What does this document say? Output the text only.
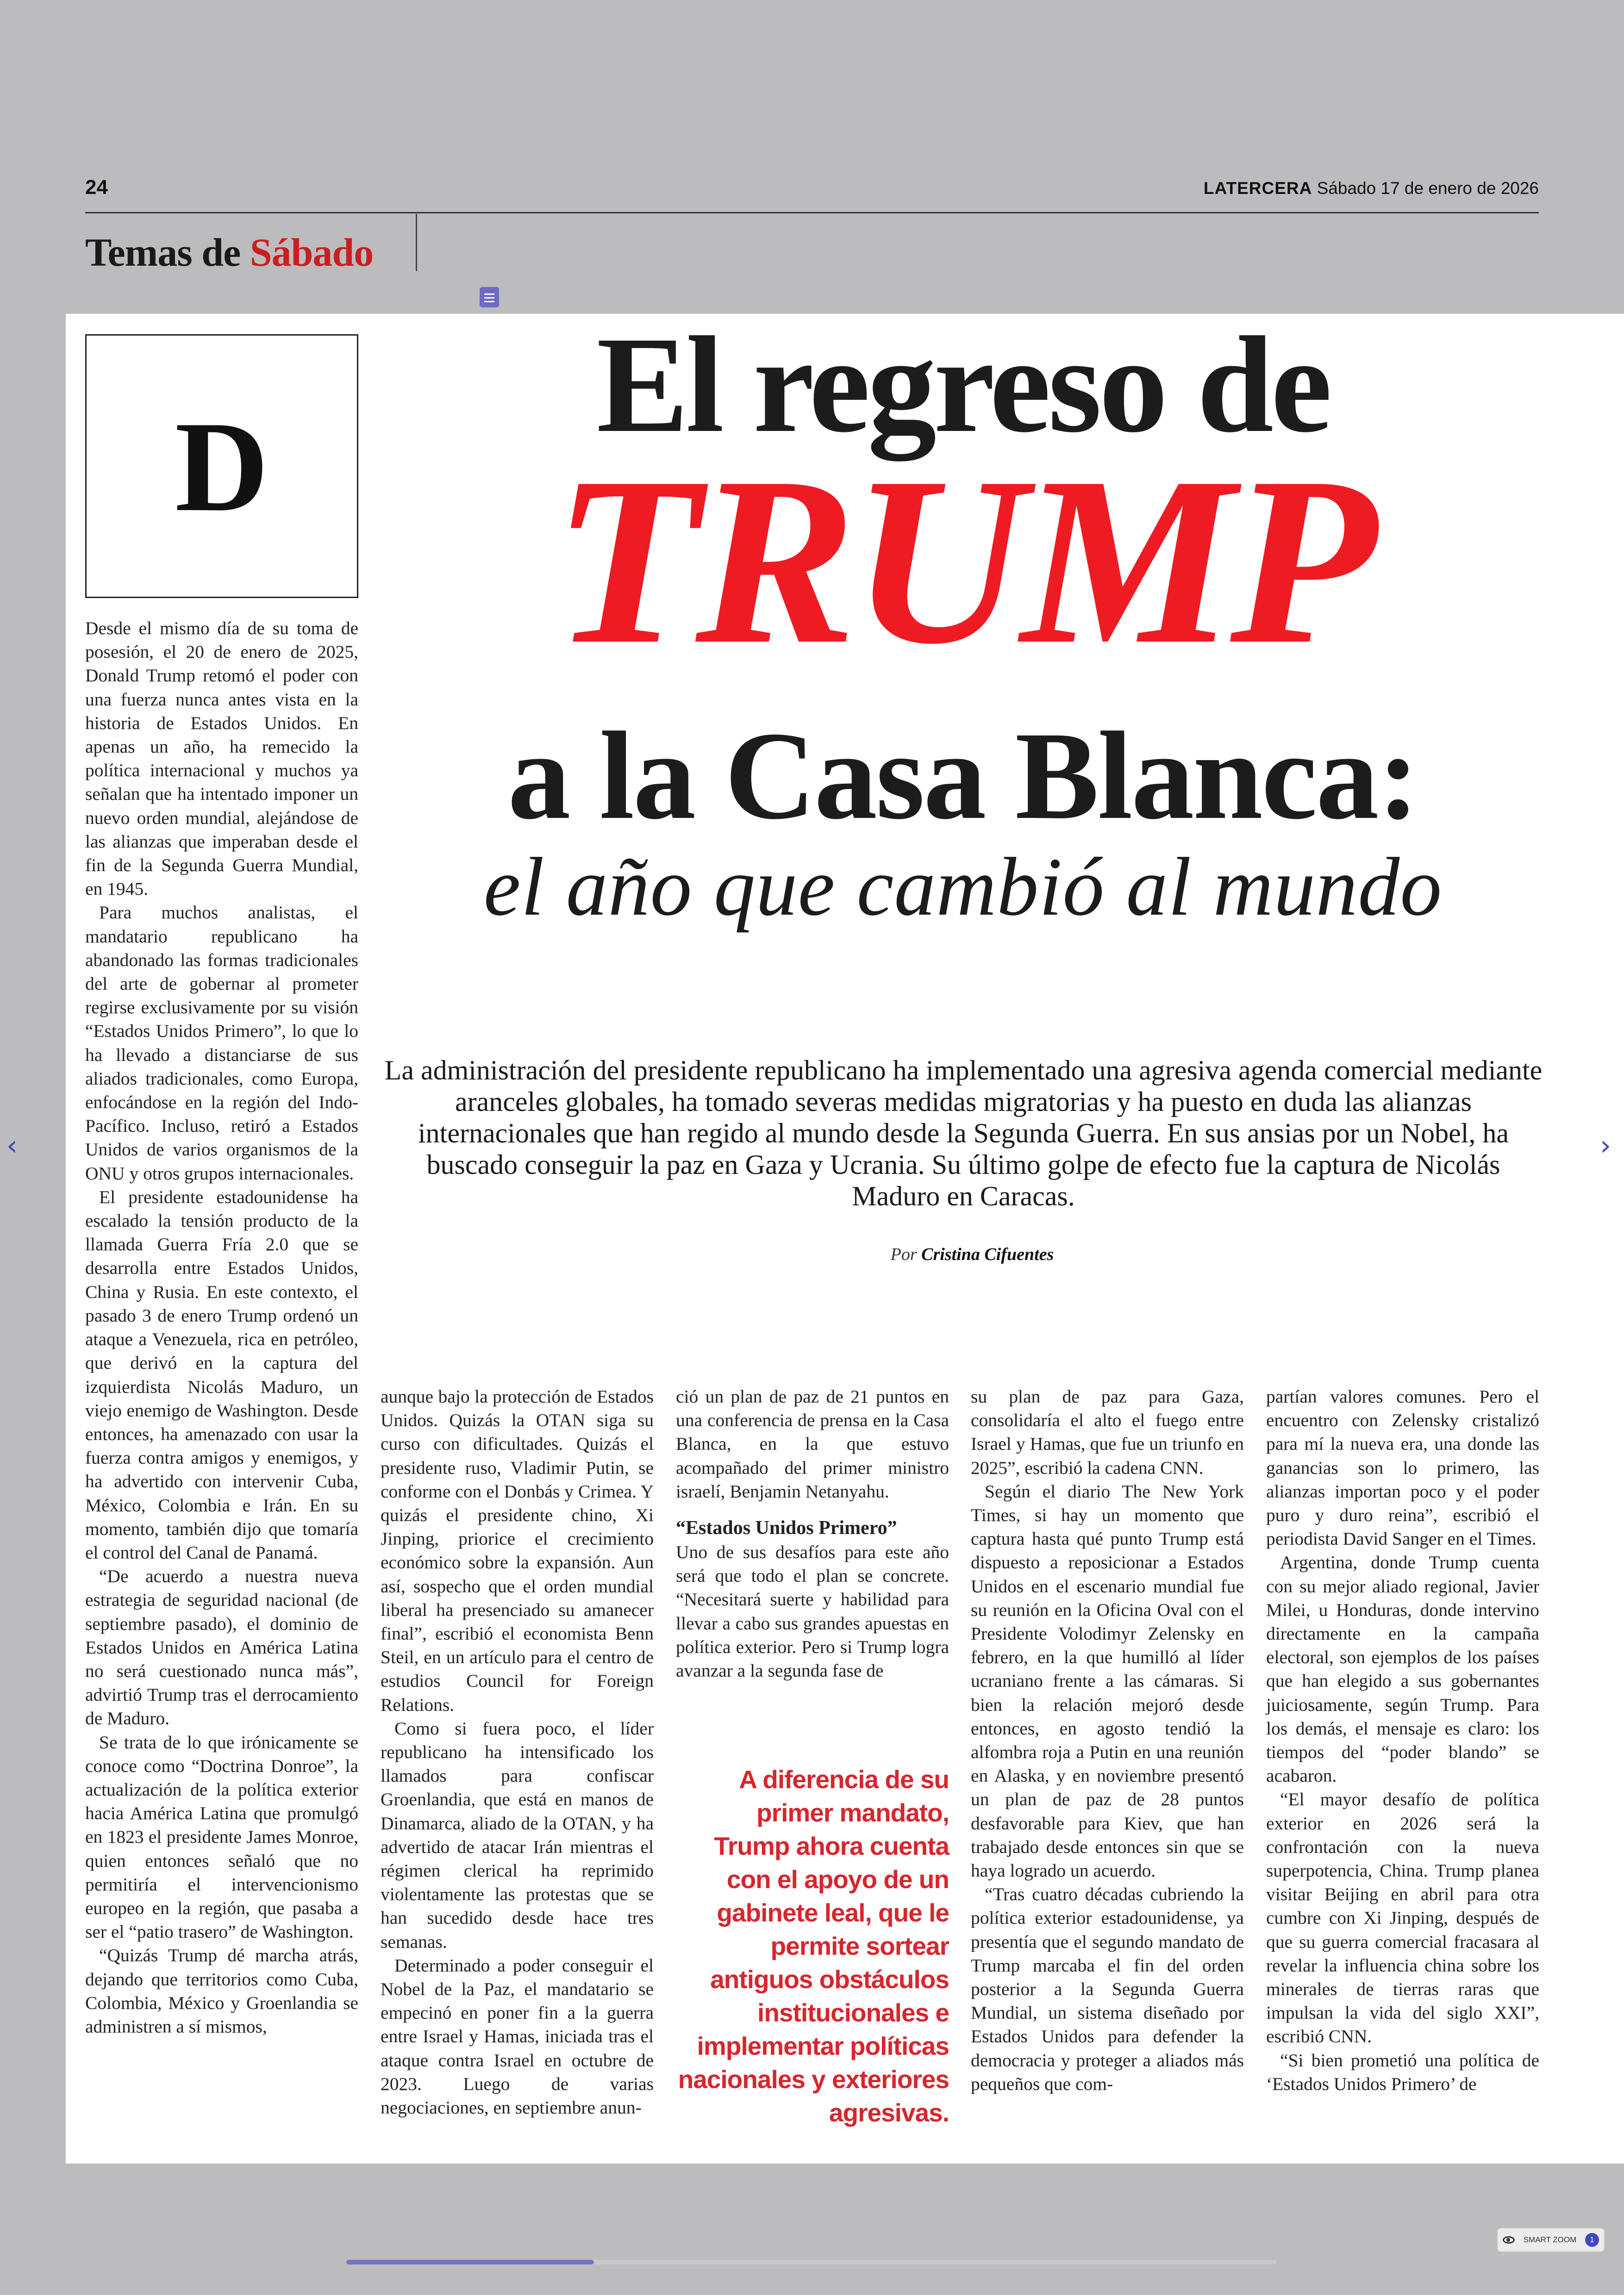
24	LATERCERA Sábado 17 de enero de 2026
Temas de Sábado
D
El regreso de
TRUMP
a la Casa Blanca:
el año que cambió al mundo
La administración del presidente republicano ha implementado una agresiva agenda comercial mediante aranceles globales, ha tomado severas medidas migratorias y ha puesto en duda las alianzas internacionales que han regido al mundo desde la Segunda Guerra. En sus ansias por un Nobel, ha buscado conseguir la paz en Gaza y Ucrania. Su último golpe de efecto fue la captura de Nicolás Maduro en Caracas.
Por Cristina Cifuentes

Desde el mismo día de su toma de posesión, el 20 de enero de 2025, Donald Trump retomó el poder con una fuerza nunca antes vista en la historia de Estados Unidos. En apenas un año, ha remecido la política internacional y muchos ya señalan que ha intentado imponer un nuevo orden mundial, alejándose de las alianzas que imperaban desde el fin de la Segunda Guerra Mundial, en 1945.

Para muchos analistas, el mandatario republicano ha abandonado las formas tradicionales del arte de gobernar al prometer regirse exclusivamente por su visión “Estados Unidos Primero”, lo que lo ha llevado a distanciarse de sus aliados tradicionales, como Europa, enfocándose en la región del Indo-Pacífico. Incluso, retiró a Estados Unidos de varios organismos de la ONU y otros grupos internacionales.

El presidente estadounidense ha escalado la tensión producto de la llamada Guerra Fría 2.0 que se desarrolla entre Estados Unidos, China y Rusia. En este contexto, el pasado 3 de enero Trump ordenó un ataque a Venezuela, rica en petróleo, que derivó en la captura del izquierdista Nicolás Maduro, un viejo enemigo de Washington. Desde entonces, ha amenazado con usar la fuerza contra amigos y enemigos, y ha advertido con intervenir Cuba, México, Colombia e Irán. En su momento, también dijo que tomaría el control del Canal de Panamá.

“De acuerdo a nuestra nueva estrategia de seguridad nacional (de septiembre pasado), el dominio de Estados Unidos en América Latina no será cuestionado nunca más”, advirtió Trump tras el derrocamiento de Maduro.

Se trata de lo que irónicamente se conoce como “Doctrina Donroe”, la actualización de la política exterior hacia América Latina que promulgó en 1823 el presidente James Monroe, quien entonces señaló que no permitiría el intervencionismo europeo en la región, que pasaba a ser el “patio trasero” de Washington.

“Quizás Trump dé marcha atrás, dejando que territorios como Cuba, Colombia, México y Groenlandia se administren a sí mismos,

aunque bajo la protección de Estados Unidos. Quizás la OTAN siga su curso con dificultades. Quizás el presidente ruso, Vladimir Putin, se conforme con el Donbás y Crimea. Y quizás el presidente chino, Xi Jinping, priorice el crecimiento económico sobre la expansión. Aun así, sospecho que el orden mundial liberal ha presenciado su amanecer final”, escribió el economista Benn Steil, en un artículo para el centro de estudios Council for Foreign Relations.

Como si fuera poco, el líder republicano ha intensificado los llamados para confiscar Groenlandia, que está en manos de Dinamarca, aliado de la OTAN, y ha advertido de atacar Irán mientras el régimen clerical ha reprimido violentamente las protestas que se han sucedido desde hace tres semanas.

Determinado a poder conseguir el Nobel de la Paz, el mandatario se empecinó en poner fin a la guerra entre Israel y Hamas, iniciada tras el ataque contra Israel en octubre de 2023. Luego de varias negociaciones, en septiembre anun-

ció un plan de paz de 21 puntos en una conferencia de prensa en la Casa Blanca, en la que estuvo acompañado del primer ministro israelí, Benjamin Netanyahu.

“Estados Unidos Primero”

Uno de sus desafíos para este año será que todo el plan se concrete. “Necesitará suerte y habilidad para llevar a cabo sus grandes apuestas en política exterior. Pero si Trump logra avanzar a la segunda fase de

A diferencia de su primer mandato, Trump ahora cuenta con el apoyo de un gabinete leal, que le permite sortear antiguos obstáculos institucionales e implementar políticas nacionales y exteriores agresivas.

su plan de paz para Gaza, consolidaría el alto el fuego entre Israel y Hamas, que fue un triunfo en 2025”, escribió la cadena CNN.

Según el diario The New York Times, si hay un momento que captura hasta qué punto Trump está dispuesto a reposicionar a Estados Unidos en el escenario mundial fue su reunión en la Oficina Oval con el Presidente Volodimyr Zelensky en febrero, en la que humilló al líder ucraniano frente a las cámaras. Si bien la relación mejoró desde entonces, en agosto tendió la alfombra roja a Putin en una reunión en Alaska, y en noviembre presentó un plan de paz de 28 puntos desfavorable para Kiev, que han trabajado desde entonces sin que se haya logrado un acuerdo.

“Tras cuatro décadas cubriendo la política exterior estadounidense, ya presentía que el segundo mandato de Trump marcaba el fin del orden posterior a la Segunda Guerra Mundial, un sistema diseñado por Estados Unidos para defender la democracia y proteger a aliados más pequeños que com-

partían valores comunes. Pero el encuentro con Zelensky cristalizó para mí la nueva era, una donde las ganancias son lo primero, las alianzas importan poco y el poder puro y duro reina”, escribió el periodista David Sanger en el Times.

Argentina, donde Trump cuenta con su mejor aliado regional, Javier Milei, u Honduras, donde intervino directamente en la campaña electoral, son ejemplos de los países que han elegido a sus gobernantes juiciosamente, según Trump. Para los demás, el mensaje es claro: los tiempos del “poder blando” se acabaron.

“El mayor desafío de política exterior en 2026 será la confrontación con la nueva superpotencia, China. Trump planea visitar Beijing en abril para otra cumbre con Xi Jinping, después de que su guerra comercial fracasara al revelar la influencia china sobre los minerales de tierras raras que impulsan la vida del siglo XXI”, escribió CNN.

“Si bien prometió una política de ‘Estados Unidos Primero’ de

‹	›
SMART ZOOM	1
